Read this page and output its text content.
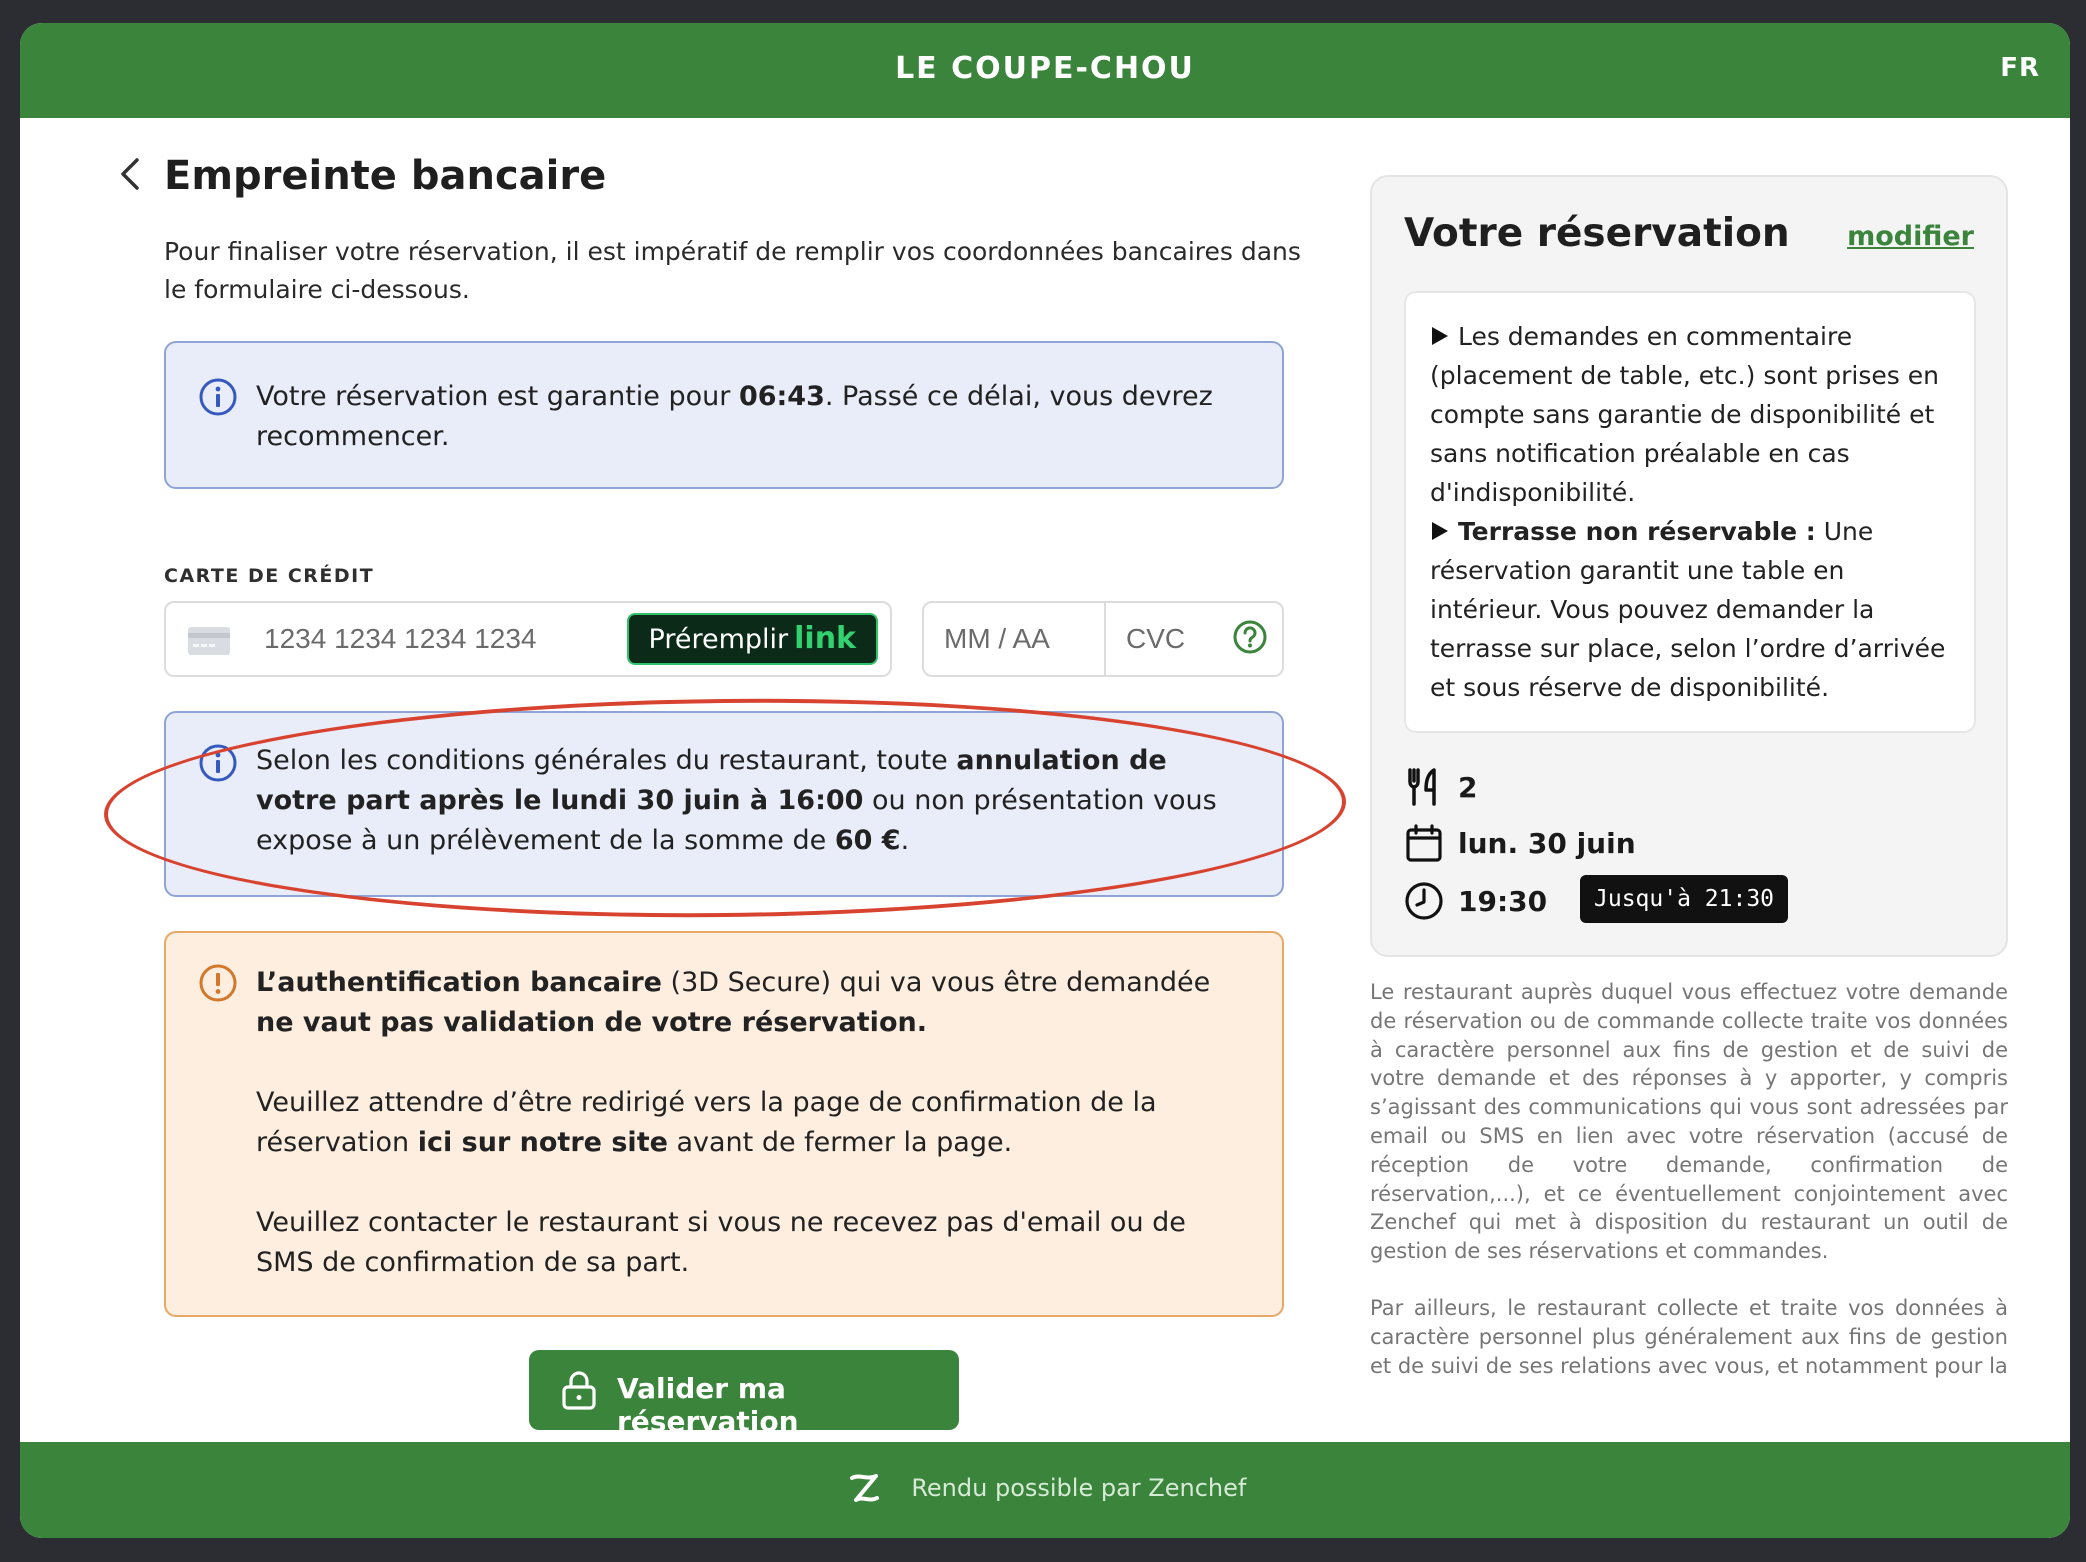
LE COUPE-CHOU	FR
Empreinte bancaire
Pour finaliser votre réservation, il est impératif de remplir vos coordonnées bancaires dans le formulaire ci-dessous.
Votre réservation est garantie pour 06:43. Passé ce délai, vous devrez recommencer.
CARTE DE CRÉDIT
1234 1234 1234 1234	Préremplir link	MM / AA	CVC
Selon les conditions générales du restaurant, toute annulation de votre part après le lundi 30 juin à 16:00 ou non présentation vous expose à un prélèvement de la somme de 60 €.

L’authentification bancaire (3D Secure) qui va vous être demandée ne vaut pas validation de votre réservation.

Veuillez attendre d’être redirigé vers la page de confirmation de la réservation ici sur notre site avant de fermer la page.

Veuillez contacter le restaurant si vous ne recevez pas d'email ou de SMS de confirmation de sa part.

Valider ma réservation
Votre réservation modifier

Les demandes en commentaire (placement de table, etc.) sont prises en compte sans garantie de disponibilité et sans notification préalable en cas d'indisponibilité.

Terrasse non réservable : Une réservation garantit une table en intérieur. Vous pouvez demander la terrasse sur place, selon l’ordre d’arrivée et sous réserve de disponibilité.

2
lun. 30 juin
19:30	Jusqu'à 21:30

Le restaurant auprès duquel vous effectuez votre demande de réservation ou de commande collecte traite vos données à caractère personnel aux fins de gestion et de suivi de votre demande et des réponses à y apporter, y compris s’agissant des communications qui vous sont adressées par email ou SMS en lien avec votre réservation (accusé de réception de votre demande, confirmation de réservation,...), et ce éventuellement conjointement avec Zenchef qui met à disposition du restaurant un outil de gestion de ses réservations et commandes.

Par ailleurs, le restaurant collecte et traite vos données à caractère personnel plus généralement aux fins de gestion et de suivi de ses relations avec vous, et notamment pour la

Rendu possible par Zenchef
